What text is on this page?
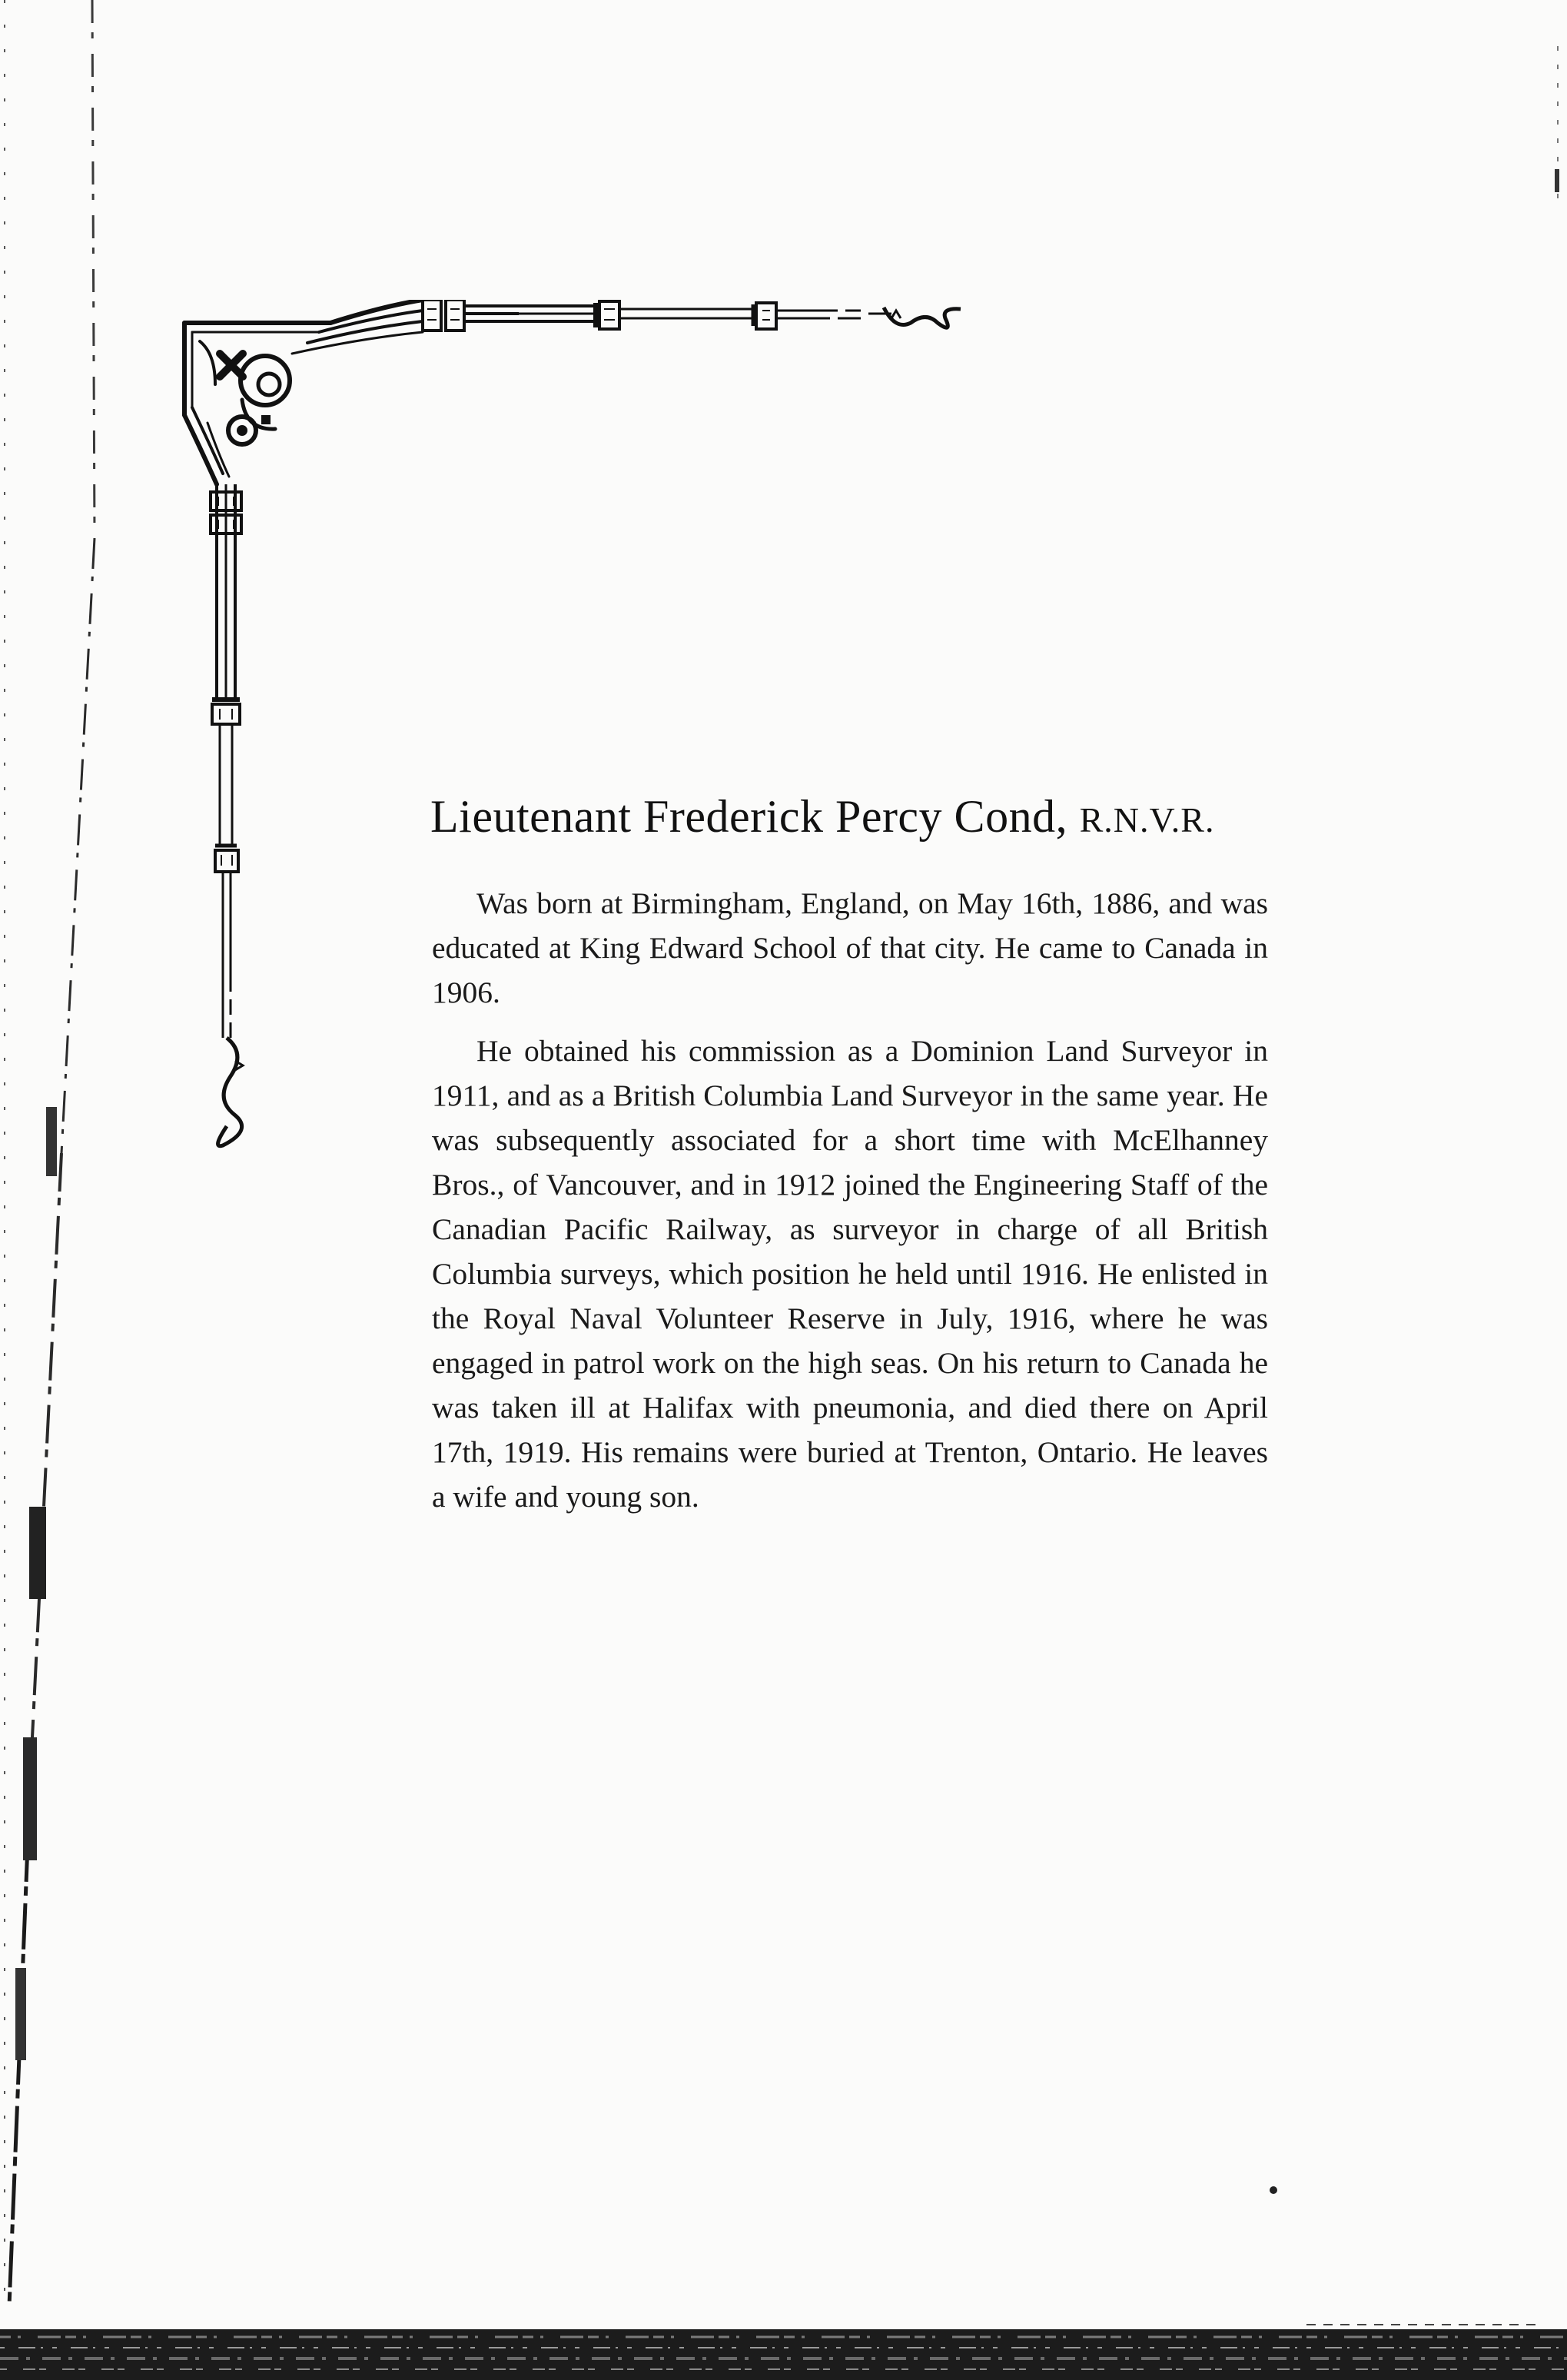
Lieutenant Frederick Percy Cond, R.N.V.R.

Was born at Birmingham, England, on May 16th, 1886, and was educated at King Edward School of that city. He came to Canada in 1906.

He obtained his commission as a Dominion Land Surveyor in 1911, and as a British Columbia Land Surveyor in the same year. He was subsequently associated for a short time with McElhanney Bros., of Vancouver, and in 1912 joined the Engineering Staff of the Canadian Pacific Railway, as surveyor in charge of all British Columbia surveys, which position he held until 1916. He enlisted in the Royal Naval Volunteer Reserve in July, 1916, where he was engaged in patrol work on the high seas. On his return to Canada he was taken ill at Halifax with pneumonia, and died there on April 17th, 1919. His remains were buried at Trenton, Ontario. He leaves a wife and young son.
